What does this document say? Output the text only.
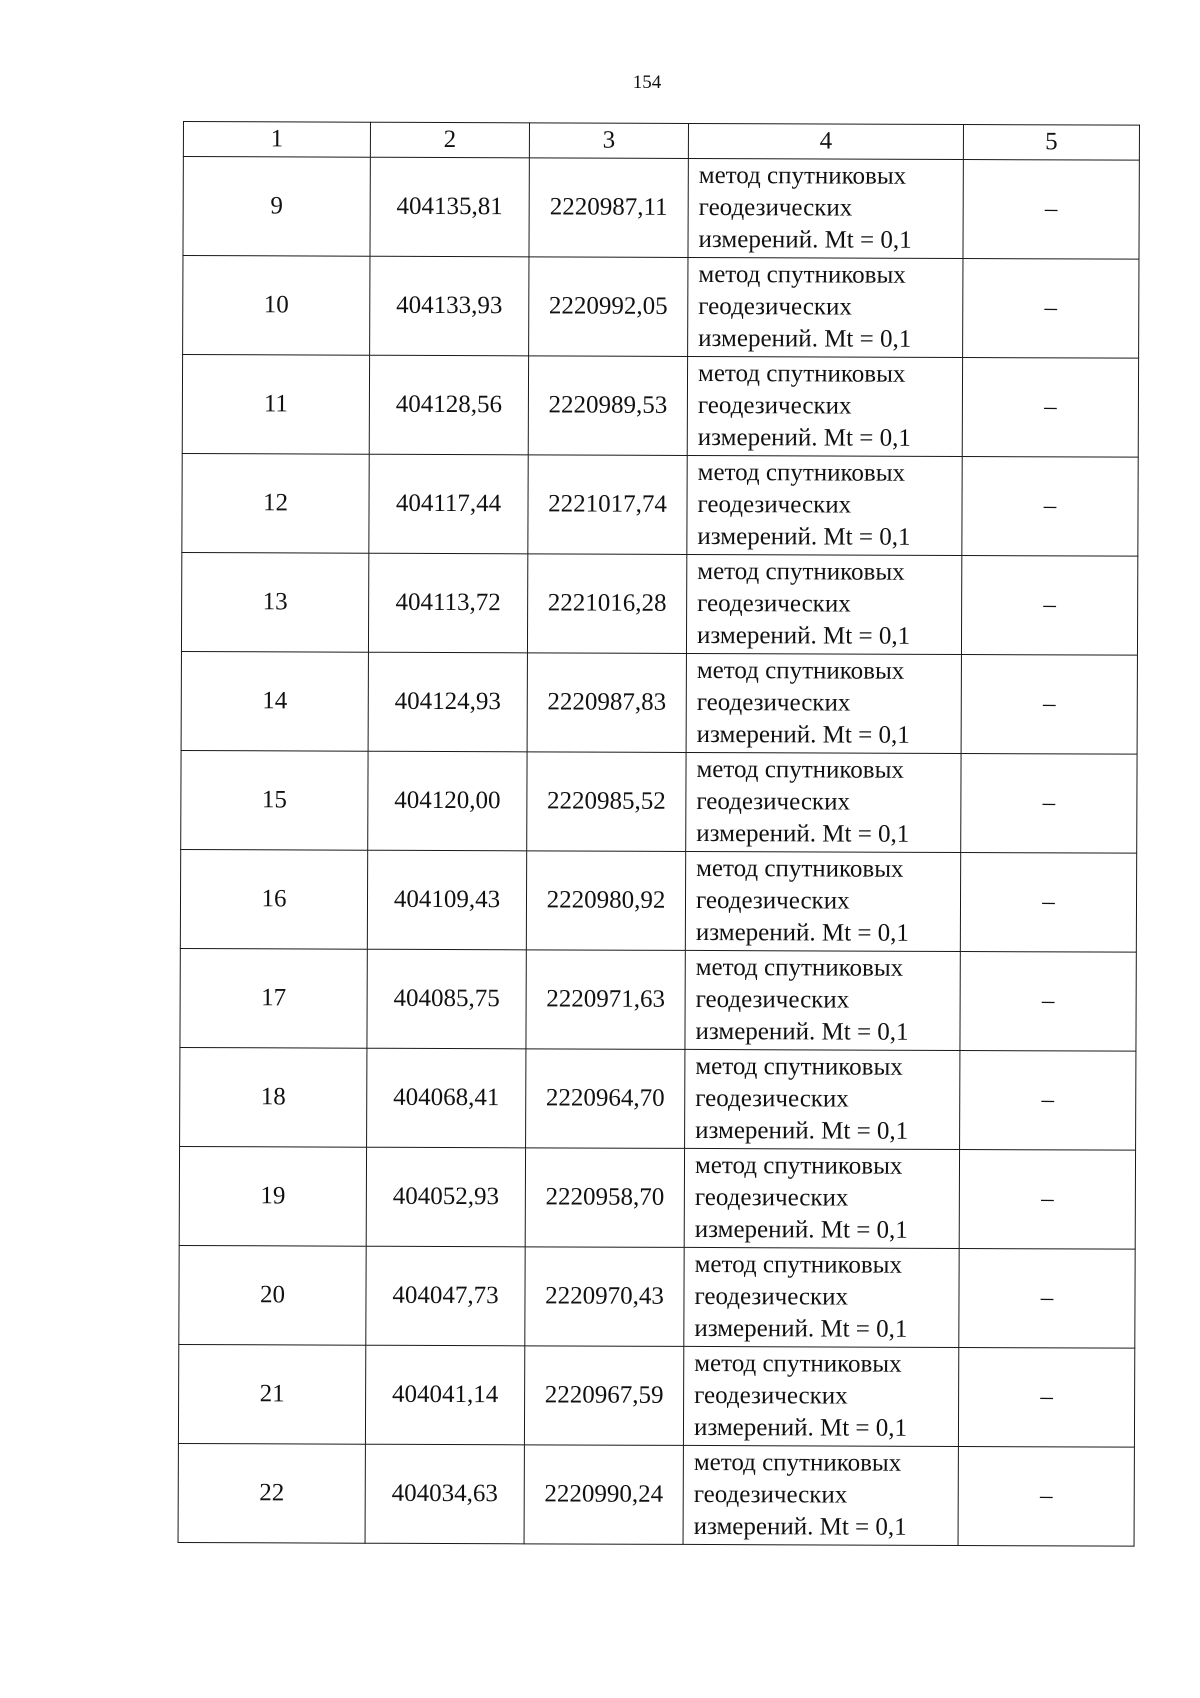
154
1	2	3	4	5
9	404135,81	2220987,11	метод спутниковых
геодезических
измерений. Mt = 0,1	–
10	404133,93	2220992,05	метод спутниковых
геодезических
измерений. Mt = 0,1	–
11	404128,56	2220989,53	метод спутниковых
геодезических
измерений. Mt = 0,1	–
12	404117,44	2221017,74	метод спутниковых
геодезических
измерений. Mt = 0,1	–
13	404113,72	2221016,28	метод спутниковых
геодезических
измерений. Mt = 0,1	–
14	404124,93	2220987,83	метод спутниковых
геодезических
измерений. Mt = 0,1	–
15	404120,00	2220985,52	метод спутниковых
геодезических
измерений. Mt = 0,1	–
16	404109,43	2220980,92	метод спутниковых
геодезических
измерений. Mt = 0,1	–
17	404085,75	2220971,63	метод спутниковых
геодезических
измерений. Mt = 0,1	–
18	404068,41	2220964,70	метод спутниковых
геодезических
измерений. Mt = 0,1	–
19	404052,93	2220958,70	метод спутниковых
геодезических
измерений. Mt = 0,1	–
20	404047,73	2220970,43	метод спутниковых
геодезических
измерений. Mt = 0,1	–
21	404041,14	2220967,59	метод спутниковых
геодезических
измерений. Mt = 0,1	–
22	404034,63	2220990,24	метод спутниковых
геодезических
измерений. Mt = 0,1	–
